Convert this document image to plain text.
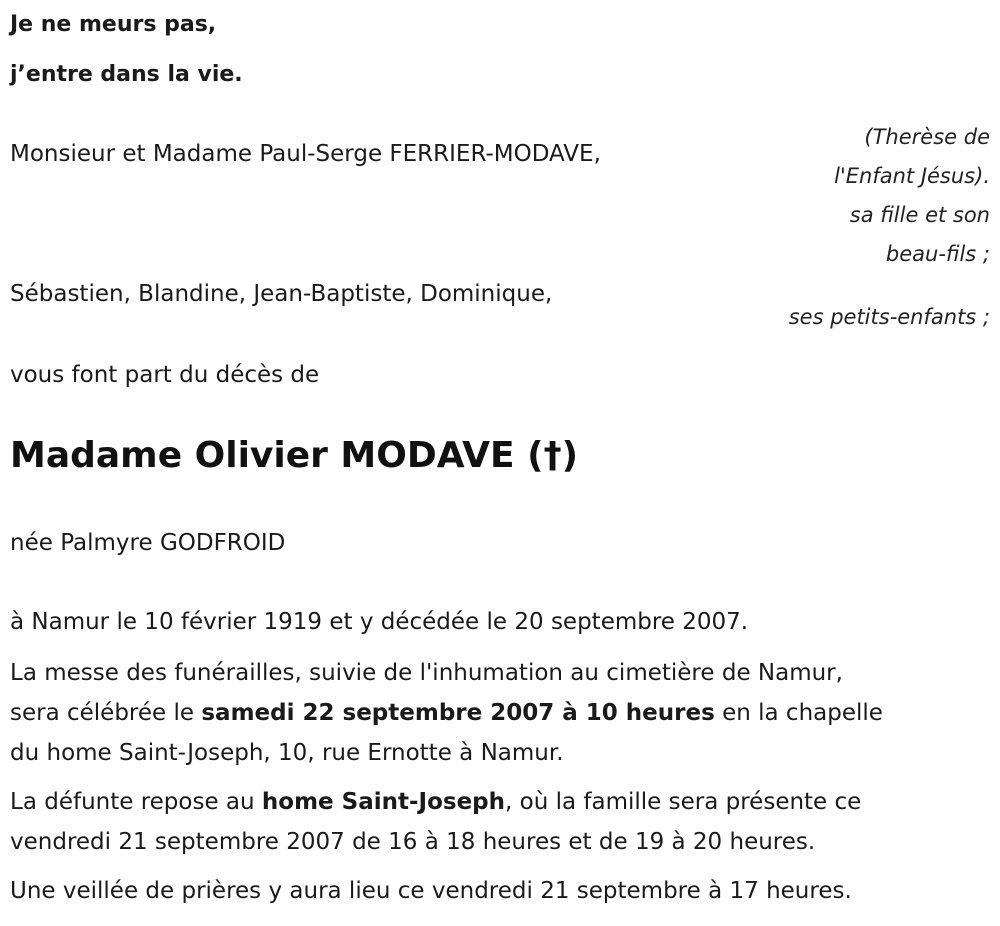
Je ne meurs pas,
j’entre dans la vie.
Monsieur et Madame Paul-Serge FERRIER-MODAVE,
(Therèse de
l'Enfant Jésus).
sa fille et son
beau-fils ;
Sébastien, Blandine, Jean-Baptiste, Dominique,
ses petits-enfants ;
vous font part du décès de
Madame Olivier MODAVE (†)
née Palmyre GODFROID
à Namur le 10 février 1919 et y décédée le 20 septembre 2007.
La messe des funérailles, suivie de l'inhumation au cimetière de Namur,
sera célébrée le samedi 22 septembre 2007 à 10 heures en la chapelle
du home Saint-Joseph, 10, rue Ernotte à Namur.
La défunte repose au home Saint-Joseph, où la famille sera présente ce
vendredi 21 septembre 2007 de 16 à 18 heures et de 19 à 20 heures.
Une veillée de prières y aura lieu ce vendredi 21 septembre à 17 heures.
